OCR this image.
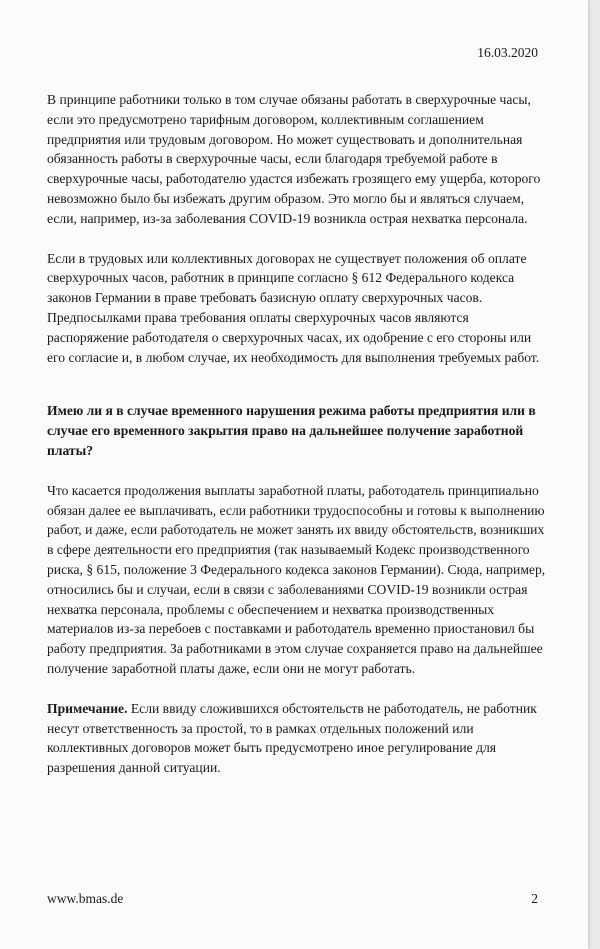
16.03.2020

В принципе работники только в том случае обязаны работать в сверхурочные часы, если это предусмотрено тарифным договором, коллективным соглашением предприятия или трудовым договором. Но может существовать и дополнительная обязанность работы в сверхурочные часы, если благодаря требуемой работе в сверхурочные часы, работодателю удастся избежать грозящего ему ущерба, которого невозможно было бы избежать другим образом. Это могло бы и являться случаем, если, например, из-за заболевания COVID-19 возникла острая нехватка персонала.

Если в трудовых или коллективных договорах не существует положения об оплате сверхурочных часов, работник в принципе согласно § 612 Федерального кодекса законов Германии в праве требовать базисную оплату сверхурочных часов. Предпосылками права требования оплаты сверхурочных часов являются распоряжение работодателя о сверхурочных часах, их одобрение с его стороны или его согласие и, в любом случае, их необходимость для выполнения требуемых работ.

Имею ли я в случае временного нарушения режима работы предприятия или в случае его временного закрытия право на дальнейшее получение заработной платы?

Что касается продолжения выплаты заработной платы, работодатель принципиально обязан далее ее выплачивать, если работники трудоспособны и готовы к выполнению работ, и даже, если работодатель не может занять их ввиду обстоятельств, возникших в сфере деятельности его предприятия (так называемый Кодекс производственного риска, § 615, положение 3 Федерального кодекса законов Германии). Сюда, например, относились бы и случаи, если в связи с заболеваниями COVID-19 возникли острая нехватка персонала, проблемы с обеспечением и нехватка производственных материалов из-за перебоев с поставками и работодатель временно приостановил бы работу предприятия. За работниками в этом случае сохраняется право на дальнейшее получение заработной платы даже, если они не могут работать.

Примечание. Если ввиду сложившихся обстоятельств не работодатель, не работник несут ответственность за простой, то в рамках отдельных положений или коллективных договоров может быть предусмотрено иное регулирование для разрешения данной ситуации.

www.bmas.de	2
